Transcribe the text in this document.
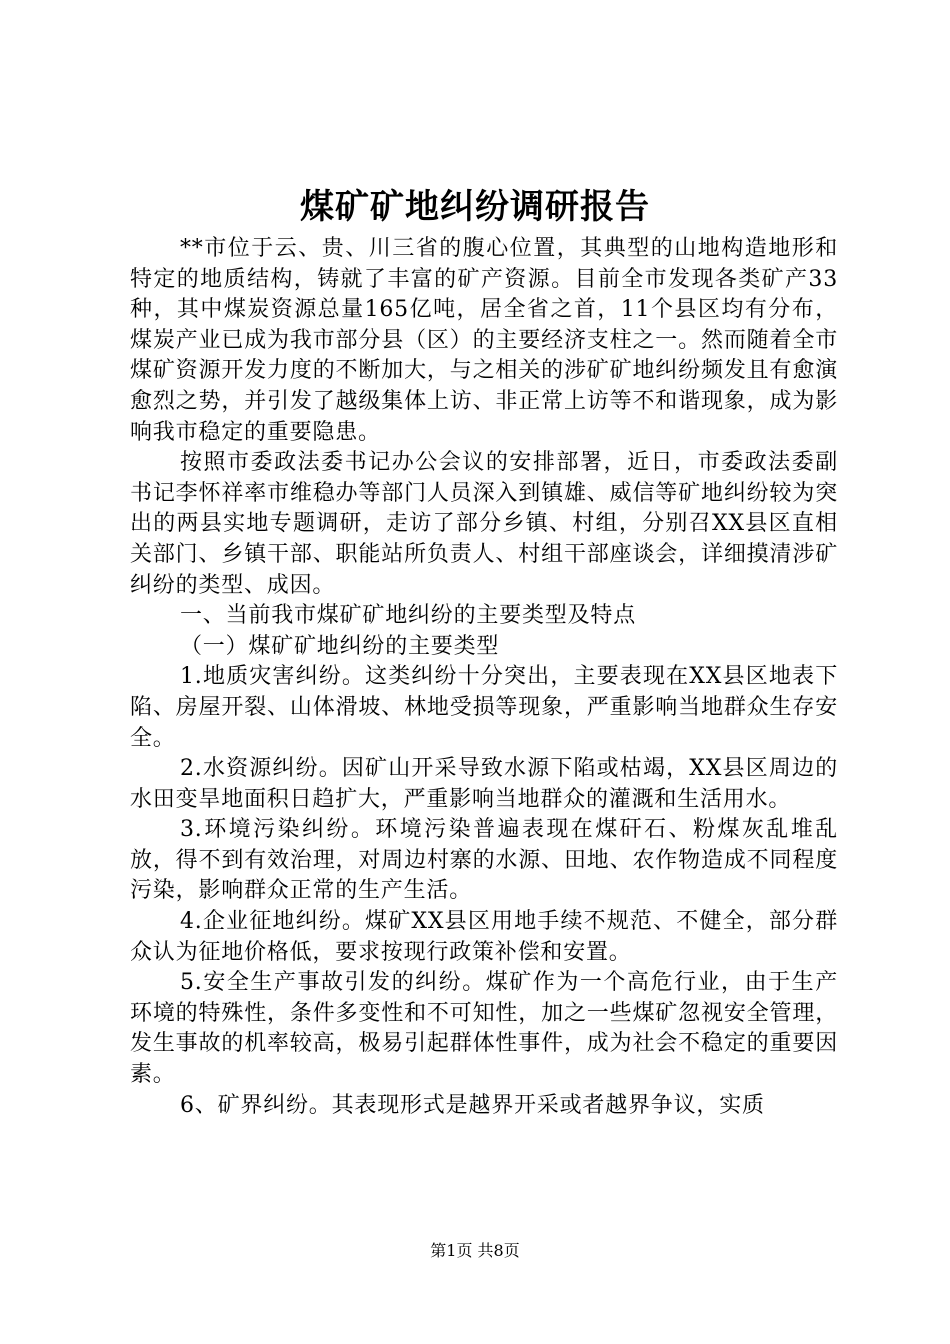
煤矿矿地纠纷调研报告

**市位于云、贵、川三省的腹心位置，其典型的山地构造地形和特定的地质结构，铸就了丰富的矿产资源。目前全市发现各类矿产33种，其中煤炭资源总量165亿吨，居全省之首，11个县区均有分布，煤炭产业已成为我市部分县（区）的主要经济支柱之一。然而随着全市煤矿资源开发力度的不断加大，与之相关的涉矿矿地纠纷频发且有愈演愈烈之势，并引发了越级集体上访、非正常上访等不和谐现象，成为影响我市稳定的重要隐患。

按照市委政法委书记办公会议的安排部署，近日，市委政法委副书记李怀祥率市维稳办等部门人员深入到镇雄、威信等矿地纠纷较为突出的两县实地专题调研，走访了部分乡镇、村组，分别召XX县区直相关部门、乡镇干部、职能站所负责人、村组干部座谈会，详细摸清涉矿纠纷的类型、成因。

一、当前我市煤矿矿地纠纷的主要类型及特点

（一）煤矿矿地纠纷的主要类型

1.地质灾害纠纷。这类纠纷十分突出，主要表现在XX县区地表下陷、房屋开裂、山体滑坡、林地受损等现象，严重影响当地群众生存安全。

2.水资源纠纷。因矿山开采导致水源下陷或枯竭，XX县区周边的水田变旱地面积日趋扩大，严重影响当地群众的灌溉和生活用水。

3.环境污染纠纷。环境污染普遍表现在煤矸石、粉煤灰乱堆乱放，得不到有效治理，对周边村寨的水源、田地、农作物造成不同程度污染，影响群众正常的生产生活。

4.企业征地纠纷。煤矿XX县区用地手续不规范、不健全，部分群众认为征地价格低，要求按现行政策补偿和安置。

5.安全生产事故引发的纠纷。煤矿作为一个高危行业，由于生产环境的特殊性，条件多变性和不可知性，加之一些煤矿忽视安全管理，发生事故的机率较高，极易引起群体性事件，成为社会不稳定的重要因素。

6、矿界纠纷。其表现形式是越界开采或者越界争议，实质

第1页 共8页
